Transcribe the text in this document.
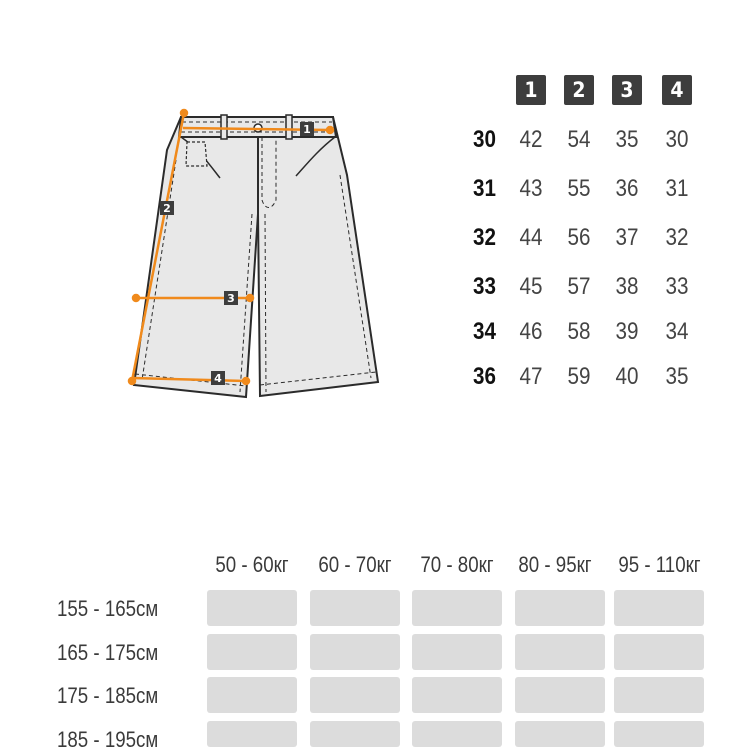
1
2
3
4
1	2	3	4
30 42 54 35 30
31 43 55 36 31
32 44 56 37 32
33 45 57 38 33
34 46 58 39 34
36 47 59 40 35
50 - 60кг	60 - 70кг	70 - 80кг	80 - 95кг	95 - 110кг
155 - 165см
165 - 175см
175 - 185см
185 - 195см
